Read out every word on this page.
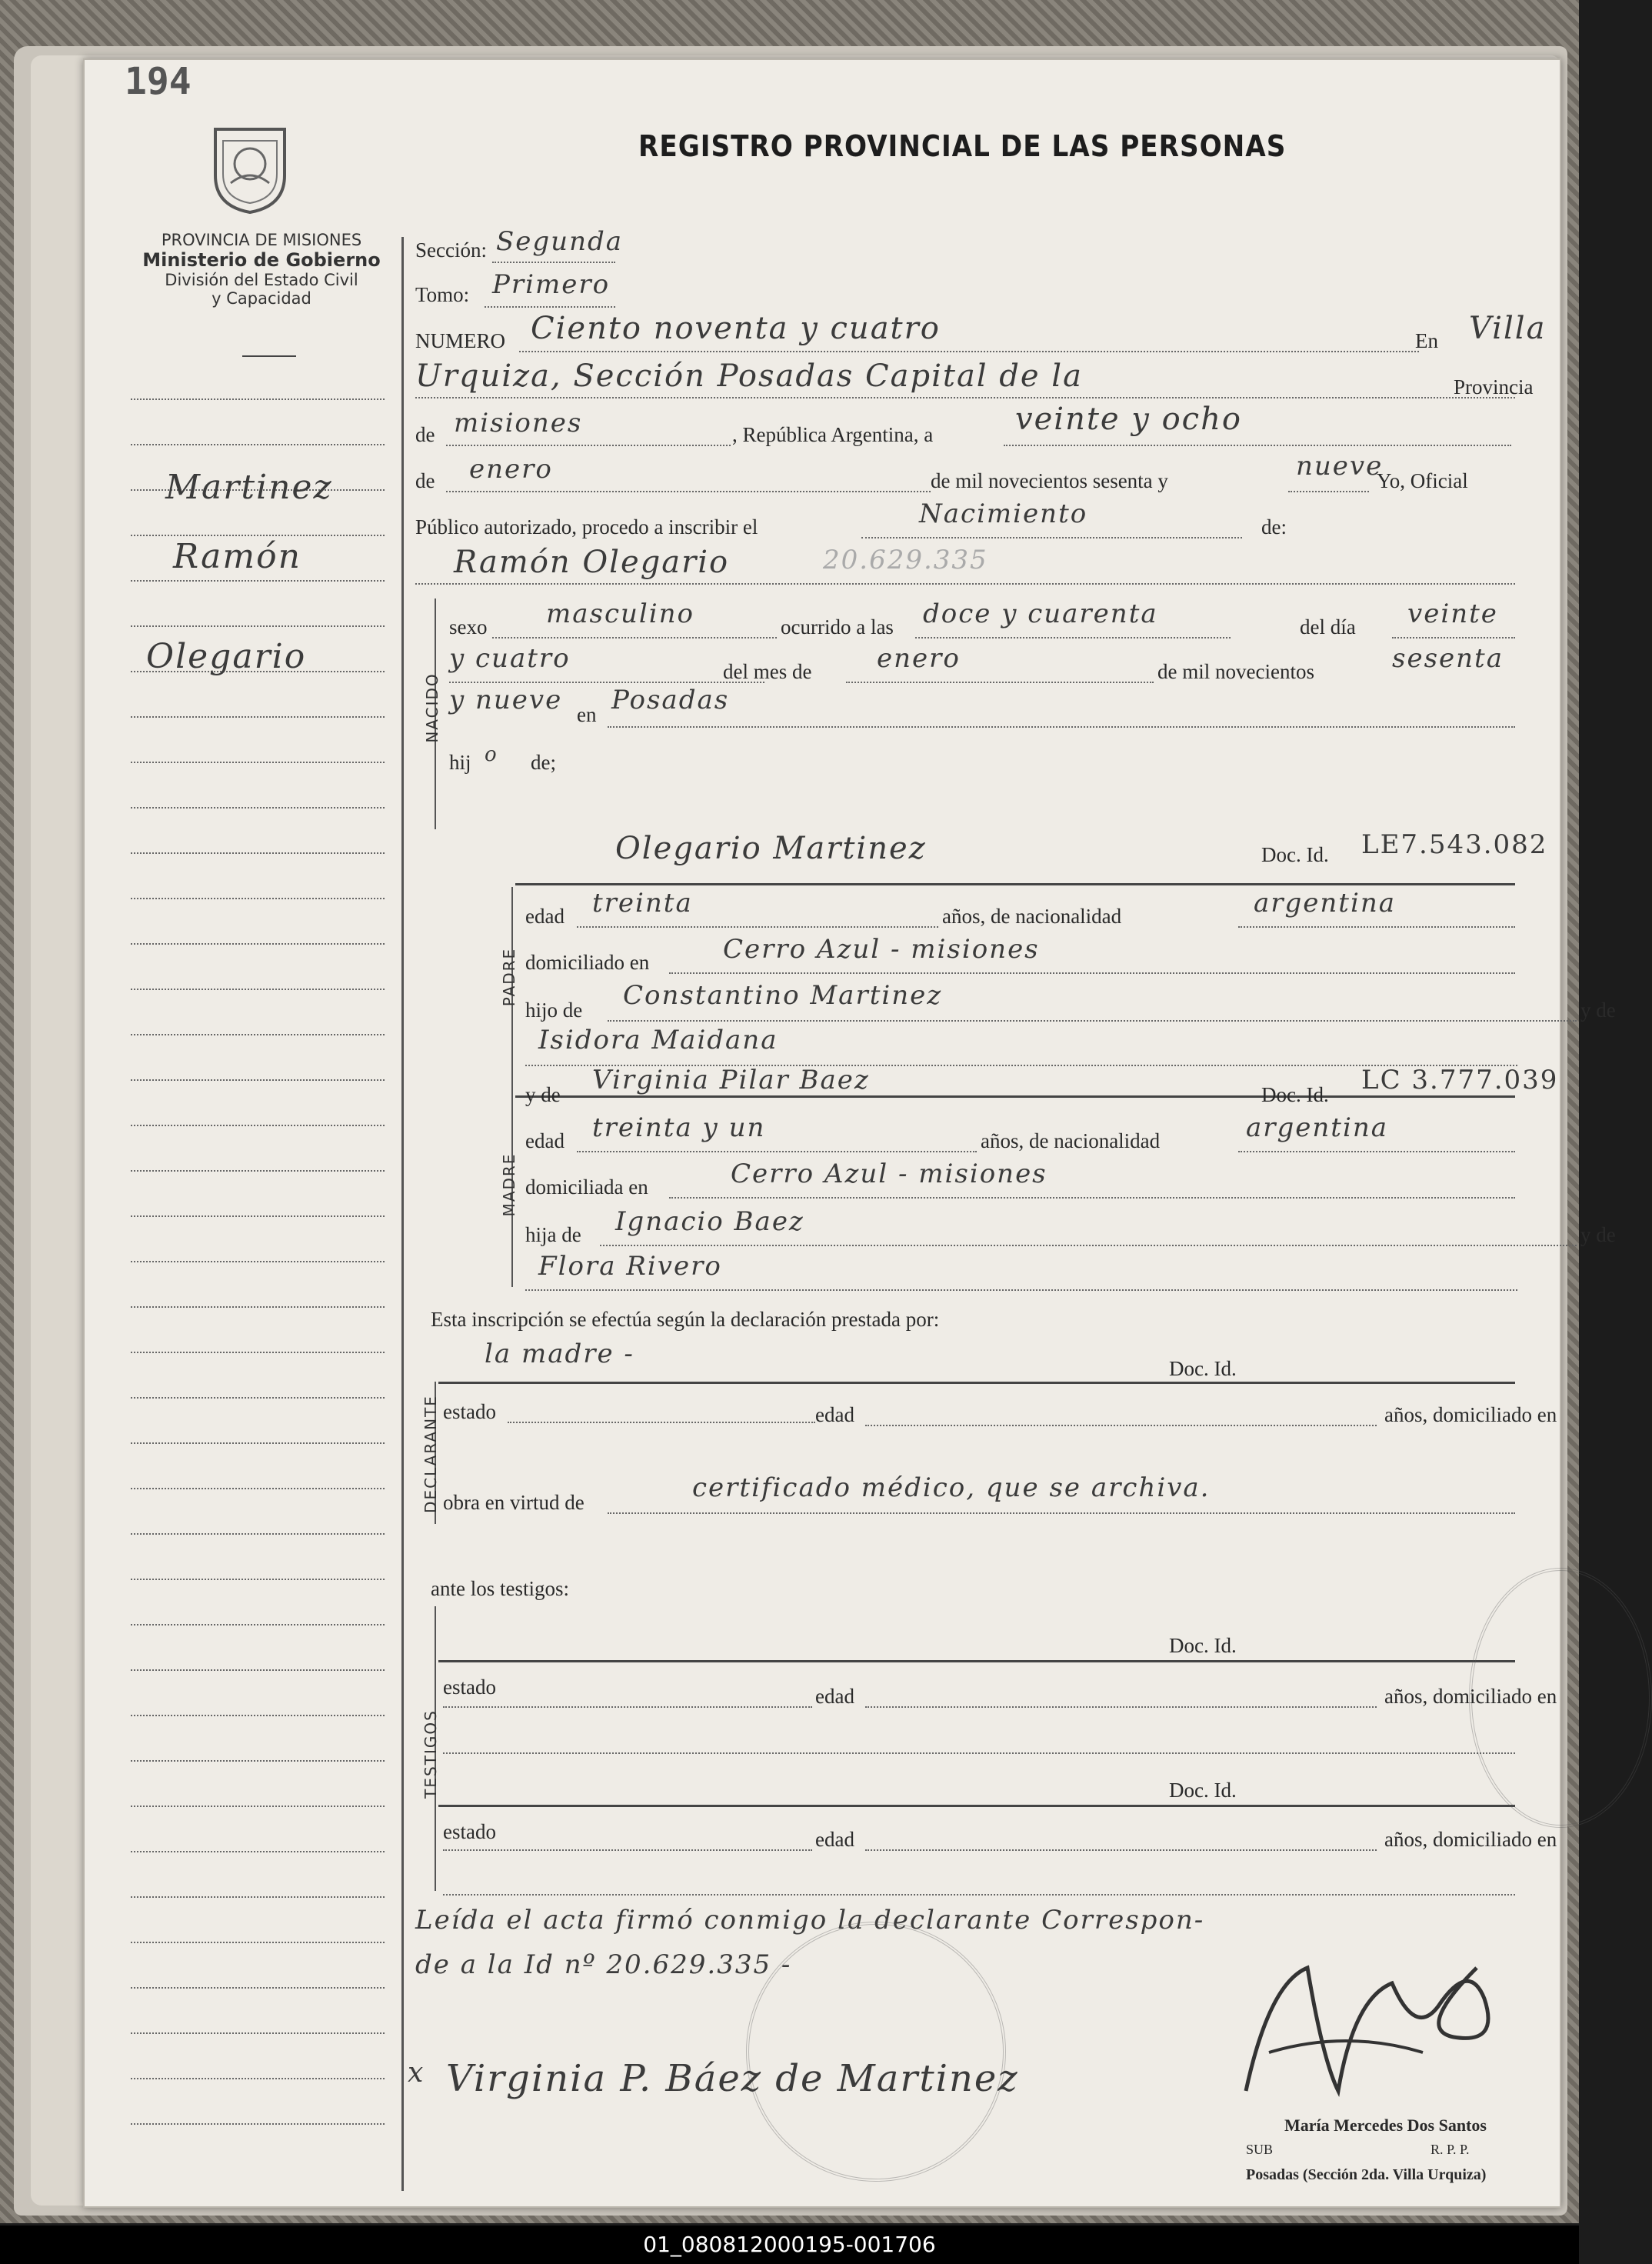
194
REGISTRO PROVINCIAL DE LAS PERSONAS
PROVINCIA DE MISIONES
Ministerio de Gobierno
División del Estado Civil
y Capacidad
Martinez
Ramón
Olegario
Sección: Segunda
Tomo: Primero
NUMERO Ciento noventa y cuatro	En Villa
Urquiza, Sección Posadas Capital de la	Provincia
de misiones	, República Argentina, a	veinte y ocho
de enero	de mil novecientos sesenta y	nueve
Yo, Oficial
Público autorizado, procedo a inscribir el	Nacimiento	de:
Ramón Olegario	20.629.335
NACIDO
sexo masculino	ocurrido a las doce y cuarenta	del día veinte
y cuatro	del mes de enero	de mil novecientos	sesenta
y nueve en Posadas
hij o de;
PADRE
Olegario Martinez	Doc. Id. LE7.543.082
edad treinta	años, de nacionalidad	argentina
domiciliado en	Cerro Azul - misiones
hijo de Constantino Martinez	y de
Isidora Maidana
MADRE
y de Virginia Pilar Baez	Doc. Id. LC 3.777.039
edad treinta y un	años, de nacionalidad	argentina
domiciliada en	Cerro Azul - misiones
hija de Ignacio Baez	y de
Flora Rivero
Esta inscripción se efectúa según la declaración prestada por:
la madre -	Doc. Id.
DECLARANTE estado	edad	años, domiciliado en
obra en virtud de	certificado médico, que se archiva.
ante los testigos:
TESTIGOS
Doc. Id.
estado	edad	años, domiciliado en
Doc. Id.
estado	edad	años, domiciliado en
Leída el acta firmó conmigo la declarante Correspon-
de a la Id nº 20.629.335 -
x Virginia P. Báez de Martinez
María Mercedes Dos Santos
SUB	R. P. P.
Posadas (Sección 2da. Villa Urquiza)
01_080812000195-001706
